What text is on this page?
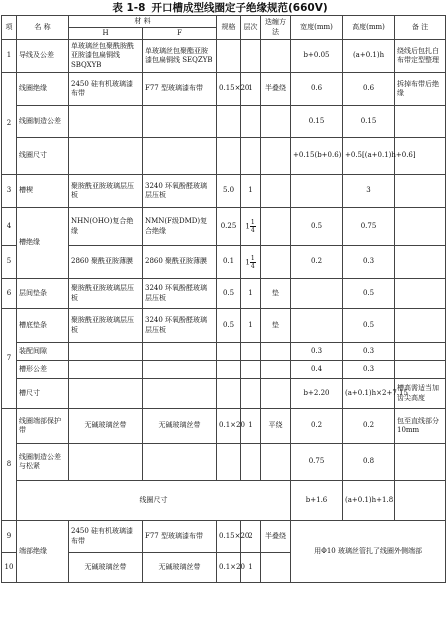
表 1-8 开口槽成型线圈定子绝缘规范(660V)
项	名 称	材 料		规格	层次	迭缠方法	宽度(mm)	高度(mm)	备 注
		H	F						
1	导线及公差	单玻璃丝包聚酰胺酰亚胺漆包扁铜线 SBQXYB	单玻璃丝包聚酯亚胺漆包扁铜线 SEQZYB				b+0.05	(a+0.1)h	绕线后包扎白布带定型整理
2	线圈绝缘	2450 硅有机玻璃漆布带	F77 型玻璃漆布带	0.15×20	1	半叠绕	0.6	0.6	拆掉布带后绝缘
	线圈制造公差						0.15	0.15	
	线圈尺寸						+0.15(b+0.6)	+0.5[(a+0.1)h+0.6]	
3	槽楔	聚胺酰亚胺玻璃层压板	3240 环氧酚醛玻璃层压板	5.0	1			3	
4	槽绝缘	NHN(OHO)复合绝缘	NMN(F级DMD)复合绝缘	0.25	$1 \frac{1}{4}$		0.5	0.75	
5		2860 聚酰亚胺薄膜	2860 聚酰亚胺薄膜	0.1	$1 \frac{1}{4}$		0.2	0.3	
6	层间垫条	聚胺酰亚胺玻璃层压板	3240 环氧酚醛玻璃层压板	0.5	1	垫		0.5	
7	槽底垫条	聚胺酰亚胺玻璃层压板	3240 环氧酚醛玻璃层压板	0.5	1	垫		0.5	
	装配间隙						0.3	0.3	
	槽形公差						0.4	0.3	
	槽尺寸						b+2.20	(a+0.1)h×2+7.15	槽高需适当加齿尖高度
8	线圈端部保护带	无碱玻璃丝带	无碱玻璃丝带	0.1×20	1	平绕	0.2	0.2	包至直线部分10mm
	线圈制造公差与松紧						0.75	0.8	
	线圈尺寸						b+1.6	(a+0.1)h+1.8	
9	端部绝缘	2450 硅有机玻璃漆布带	F77 型玻璃漆布带	0.15×20	2	半叠绕	用Φ10 玻璃丝管扎了线圈外侧端部		
10		无碱玻璃丝带	无碱玻璃丝带	0.1×20	1				
